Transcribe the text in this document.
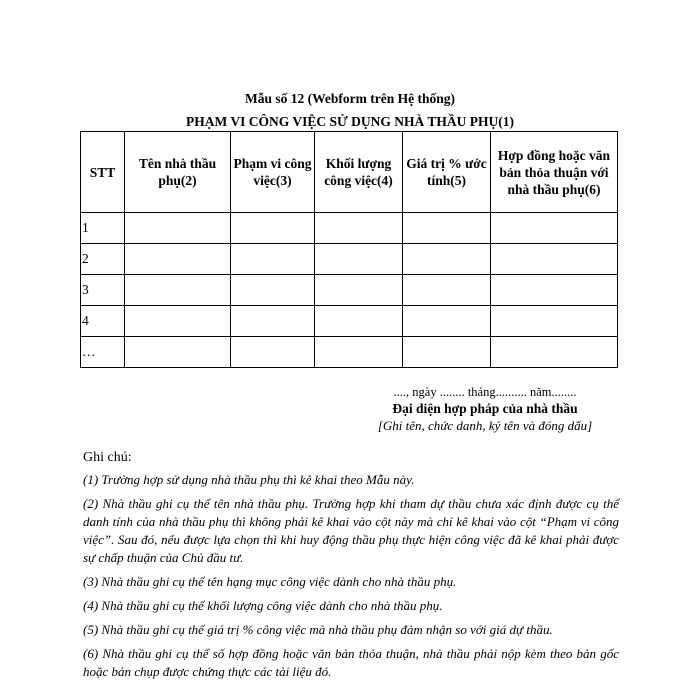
Mẫu số 12 (Webform trên Hệ thống)
PHẠM VI CÔNG VIỆC SỬ DỤNG NHÀ THẦU PHỤ(1)
STT	Tên nhà thầu phụ(2)	Phạm vi công việc(3)	Khối lượng công việc(4)	Giá trị % ước tính(5)	Hợp đồng hoặc văn bản thỏa thuận với nhà thầu phụ(6)
1					
2					
3					
4					
…					
...., ngày ........ tháng.......... năm........
Đại diện hợp pháp của nhà thầu
[Ghi tên, chức danh, ký tên và đóng dấu]
Ghi chú:

(1) Trường hợp sử dụng nhà thầu phụ thì kê khai theo Mẫu này.

(2) Nhà thầu ghi cụ thể tên nhà thầu phụ. Trường hợp khi tham dự thầu chưa xác định được cụ thể danh tính của nhà thầu phụ thì không phải kê khai vào cột này mà chỉ kê khai vào cột “Phạm vi công việc”. Sau đó, nếu được lựa chọn thì khi huy động thầu phụ thực hiện công việc đã kê khai phải được sự chấp thuận của Chủ đầu tư.

(3) Nhà thầu ghi cụ thể tên hạng mục công việc dành cho nhà thầu phụ.

(4) Nhà thầu ghi cụ thể khối lượng công việc dành cho nhà thầu phụ.

(5) Nhà thầu ghi cụ thể giá trị % công việc mà nhà thầu phụ đảm nhận so với giá dự thầu.

(6) Nhà thầu ghi cụ thể số hợp đồng hoặc văn bản thỏa thuận, nhà thầu phải nộp kèm theo bản gốc hoặc bản chụp được chứng thực các tài liệu đó.
